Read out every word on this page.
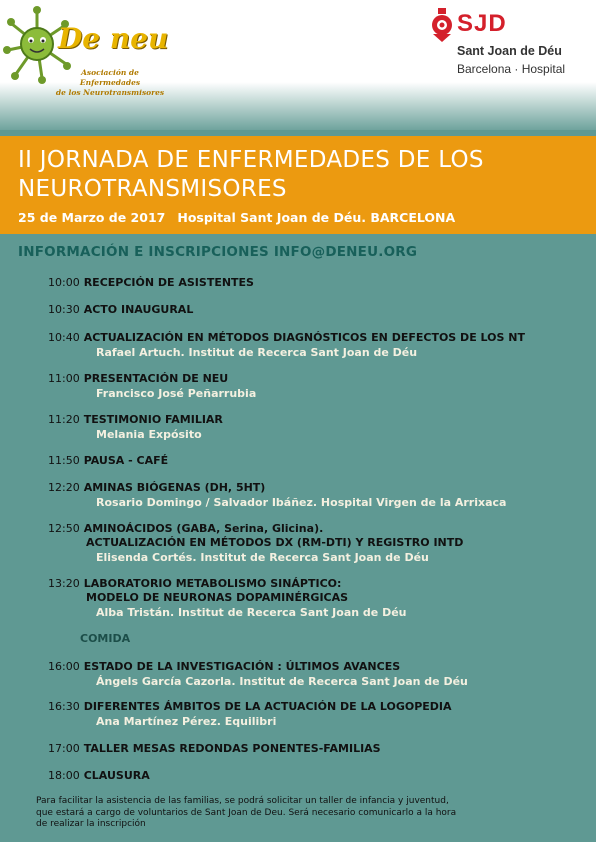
De neu
Asociación de Enfermedades
de los Neurotransmisores
SJD
Sant Joan de Déu
Barcelona · Hospital
II JORNADA DE ENFERMEDADES DE LOS NEUROTRANSMISORES
25 de Marzo de 2017 Hospital Sant Joan de Déu. BARCELONA
INFORMACIÓN E INSCRIPCIONES INFO@DENEU.ORG
10:00 RECEPCIÓN DE ASISTENTES
10:30 ACTO INAUGURAL
10:40 ACTUALIZACIÓN EN MÉTODOS DIAGNÓSTICOS EN DEFECTOS DE LOS NT
Rafael Artuch. Institut de Recerca Sant Joan de Déu
11:00 PRESENTACIÓN DE NEU
Francisco José Peñarrubia
11:20 TESTIMONIO FAMILIAR
Melania Expósito
11:50 PAUSA - CAFÉ
12:20 AMINAS BIÓGENAS (DH, 5HT)
Rosario Domingo / Salvador Ibáñez. Hospital Virgen de la Arrixaca
12:50 AMINOÁCIDOS (GABA, Serina, Glicina).
ACTUALIZACIÓN EN MÉTODOS DX (RM-DTI) Y REGISTRO INTD
Elisenda Cortés. Institut de Recerca Sant Joan de Déu
13:20 LABORATORIO METABOLISMO SINÁPTICO:
MODELO DE NEURONAS DOPAMINÉRGICAS
Alba Tristán. Institut de Recerca Sant Joan de Déu
COMIDA
16:00 ESTADO DE LA INVESTIGACIÓN : ÚLTIMOS AVANCES
Ángels García Cazorla. Institut de Recerca Sant Joan de Déu
16:30 DIFERENTES ÁMBITOS DE LA ACTUACIÓN DE LA LOGOPEDIA
Ana Martínez Pérez. Equilibri
17:00 TALLER MESAS REDONDAS PONENTES-FAMILIAS
18:00 CLAUSURA
Para facilitar la asistencia de las familias, se podrá solicitar un taller de infancia y juventud,
que estará a cargo de voluntarios de Sant Joan de Deu. Será necesario comunicarlo a la hora
de realizar la inscripción
